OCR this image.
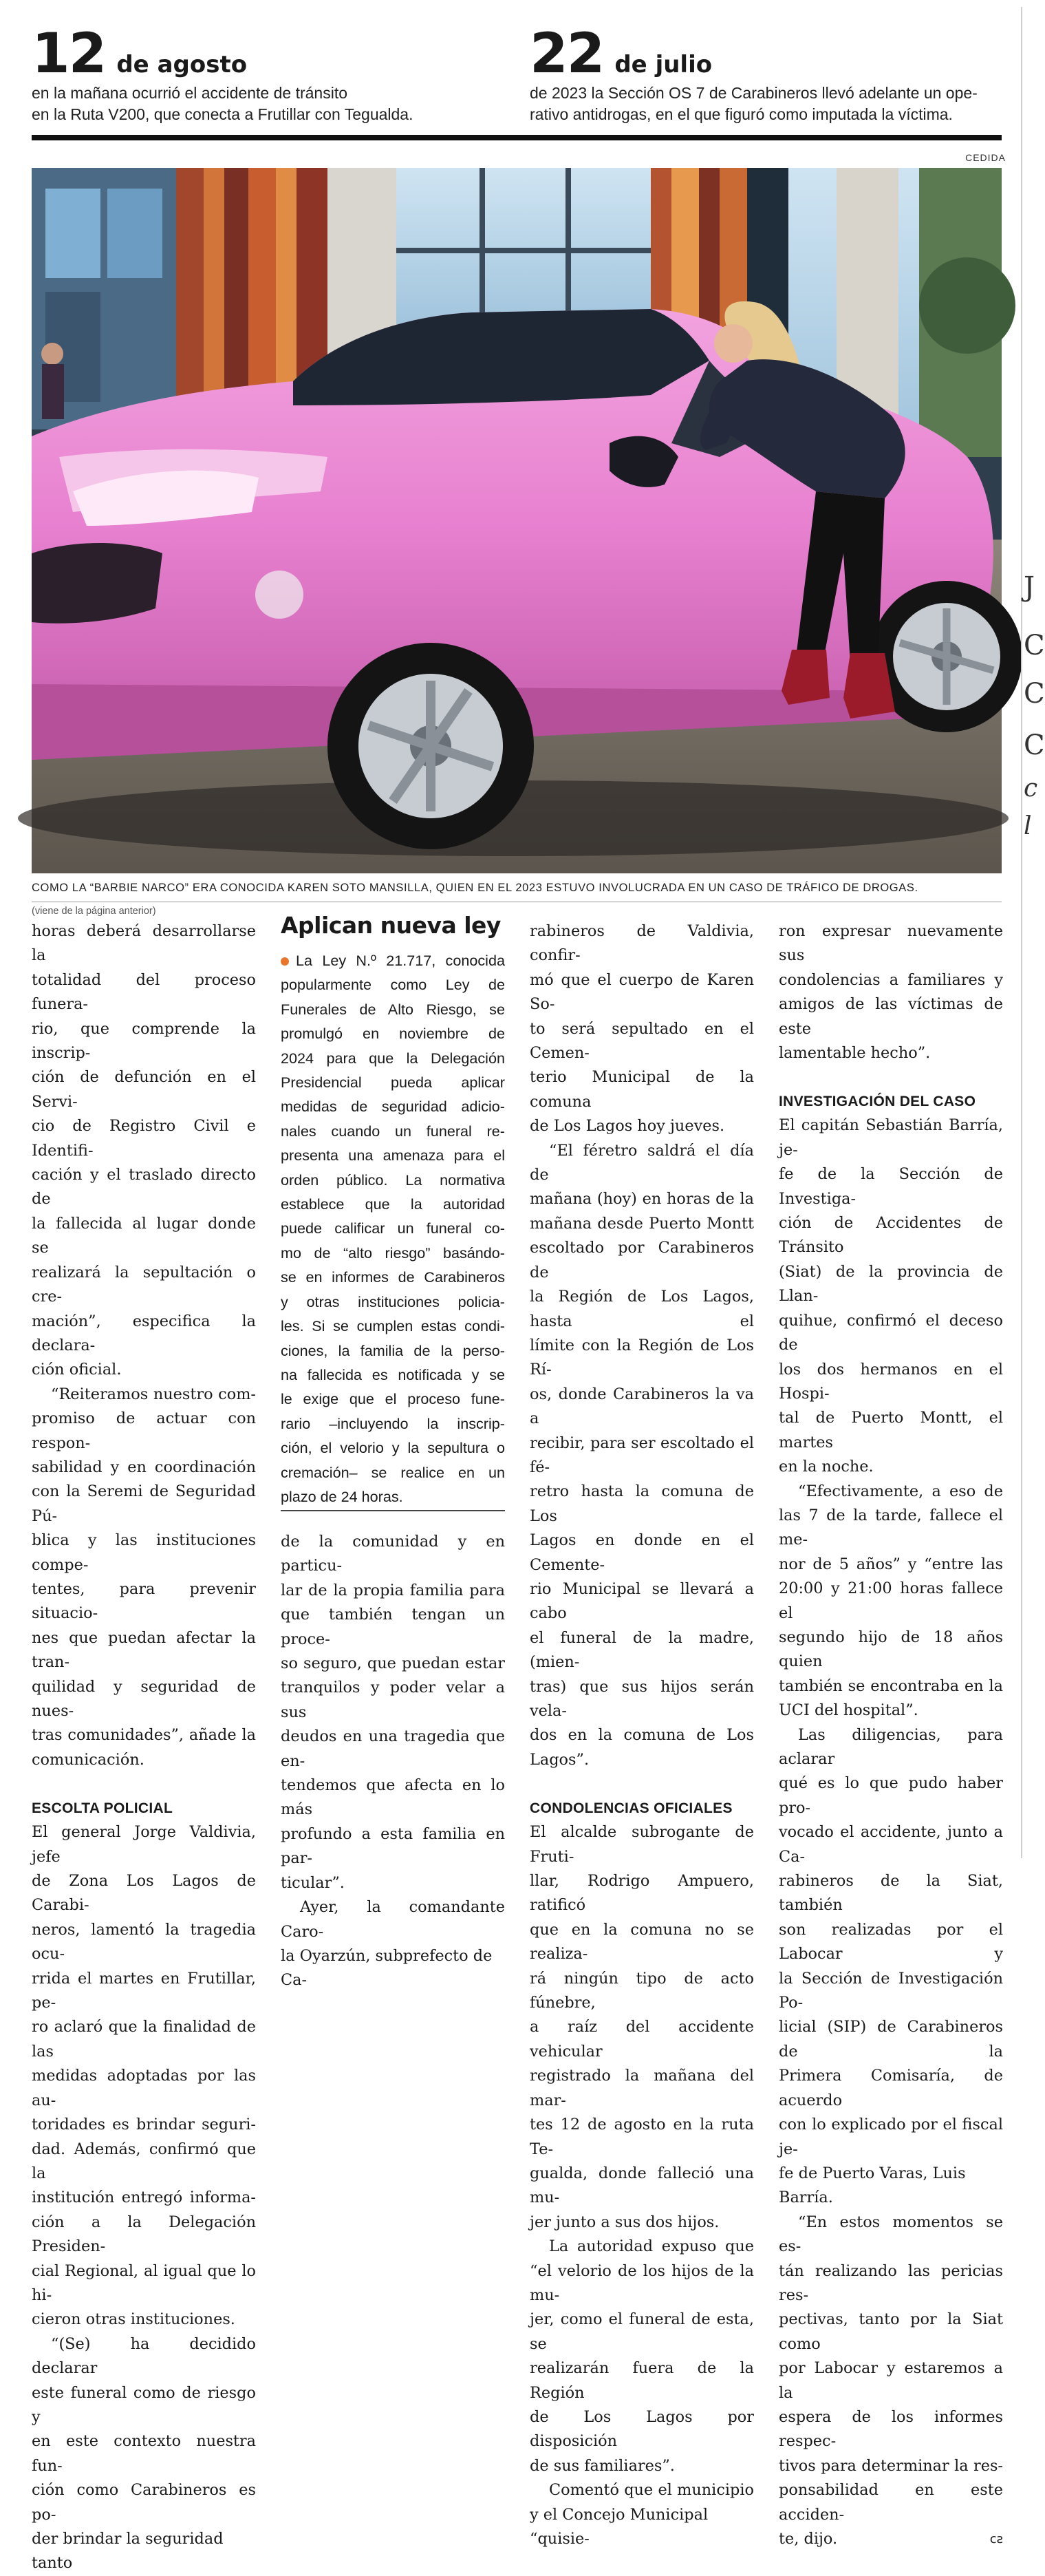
12 de agosto
en la mañana ocurrió el accidente de tránsito
en la Ruta V200, que conecta a Frutillar con Tegualda.
22 de julio
de 2023 la Sección OS 7 de Carabineros llevó adelante un ope-
rativo antidrogas, en el que figuró como imputada la víctima.
CEDIDA
COMO LA “BARBIE NARCO” ERA CONOCIDA KAREN SOTO MANSILLA, QUIEN EN EL 2023 ESTUVO INVOLUCRADA EN UN CASO DE TRÁFICO DE DROGAS.
(viene de la página anterior)

horas deberá desarrollarse la
totalidad del proceso funera-
rio, que comprende la inscrip-
ción de defunción en el Servi-
cio de Registro Civil e Identifi-
cación y el traslado directo de
la fallecida al lugar donde se
realizará la sepultación o cre-
mación”, especifica la declara-
ción oficial.

“Reiteramos nuestro com-
promiso de actuar con respon-
sabilidad y en coordinación
con la Seremi de Seguridad Pú-
blica y las instituciones compe-
tentes, para prevenir situacio-
nes que puedan afectar la tran-
quilidad y seguridad de nues-
tras comunidades”, añade la
comunicación.

ESCOLTA POLICIAL

El general Jorge Valdivia, jefe
de Zona Los Lagos de Carabi-
neros, lamentó la tragedia ocu-
rrida el martes en Frutillar, pe-
ro aclaró que la finalidad de las
medidas adoptadas por las au-
toridades es brindar seguri-
dad. Además, confirmó que la
institución entregó informa-
ción a la Delegación Presiden-
cial Regional, al igual que lo hi-
cieron otras instituciones.

“(Se) ha decidido declarar
este funeral como de riesgo y
en este contexto nuestra fun-
ción como Carabineros es po-
der brindar la seguridad tanto

de la comunidad y en particu-
lar de la propia familia para
que también tengan un proce-
so seguro, que puedan estar
tranquilos y poder velar a sus
deudos en una tragedia que en-
tendemos que afecta en lo más
profundo a esta familia en par-
ticular”.

Ayer, la comandante Caro-
la Oyarzún, subprefecto de Ca-

rabineros de Valdivia, confir-
mó que el cuerpo de Karen So-
to será sepultado en el Cemen-
terio Municipal de la comuna
de Los Lagos hoy jueves.

“El féretro saldrá el día de
mañana (hoy) en horas de la
mañana desde Puerto Montt
escoltado por Carabineros de
la Región de Los Lagos, hasta el
límite con la Región de Los Rí-
os, donde Carabineros la va a
recibir, para ser escoltado el fé-
retro hasta la comuna de Los
Lagos en donde en el Cemente-
rio Municipal se llevará a cabo
el funeral de la madre, (mien-
tras) que sus hijos serán vela-
dos en la comuna de Los
Lagos”.

CONDOLENCIAS OFICIALES

El alcalde subrogante de Fruti-
llar, Rodrigo Ampuero, ratificó
que en la comuna no se realiza-
rá ningún tipo de acto fúnebre,
a raíz del accidente vehicular
registrado la mañana del mar-
tes 12 de agosto en la ruta Te-
gualda, donde falleció una mu-
jer junto a sus dos hijos.

La autoridad expuso que
“el velorio de los hijos de la mu-
jer, como el funeral de esta, se
realizarán fuera de la Región
de Los Lagos por disposición
de sus familiares”.

Comentó que el municipio
y el Concejo Municipal “quisie-

ron expresar nuevamente sus
condolencias a familiares y
amigos de las víctimas de este
lamentable hecho”.

INVESTIGACIÓN DEL CASO

El capitán Sebastián Barría, je-
fe de la Sección de Investiga-
ción de Accidentes de Tránsito
(Siat) de la provincia de Llan-
quihue, confirmó el deceso de
los dos hermanos en el Hospi-
tal de Puerto Montt, el martes
en la noche.

“Efectivamente, a eso de
las 7 de la tarde, fallece el me-
nor de 5 años” y “entre las
20:00 y 21:00 horas fallece el
segundo hijo de 18 años quien
también se encontraba en la
UCI del hospital”.

Las diligencias, para aclarar
qué es lo que pudo haber pro-
vocado el accidente, junto a Ca-
rabineros de la Siat, también
son realizadas por el Labocar y
la Sección de Investigación Po-
licial (SIP) de Carabineros de la
Primera Comisaría, de acuerdo
con lo explicado por el fiscal je-
fe de Puerto Varas, Luis Barría.

“En estos momentos se es-
tán realizando las pericias res-
pectivas, tanto por la Siat como
por Labocar y estaremos a la
espera de los informes respec-
tivos para determinar la res-
ponsabilidad en este acciden-
te, dijo.	ᴄƨ

Aplican nueva ley

La Ley N.º 21.717, conocida
popularmente como Ley de
Funerales de Alto Riesgo, se
promulgó en noviembre de
2024 para que la Delegación
Presidencial pueda aplicar
medidas de seguridad adicio-
nales cuando un funeral re-
presenta una amenaza para el
orden público. La normativa
establece que la autoridad
puede calificar un funeral co-
mo de “alto riesgo” basándo-
se en informes de Carabineros
y otras instituciones policia-
les. Si se cumplen estas condi-
ciones, la familia de la perso-
na fallecida es notificada y se
le exige que el proceso fune-
rario –incluyendo la inscrip-
ción, el velorio y la sepultura o
cremación– se realice en un
plazo de 24 horas.

J
C
C
C
c
l
